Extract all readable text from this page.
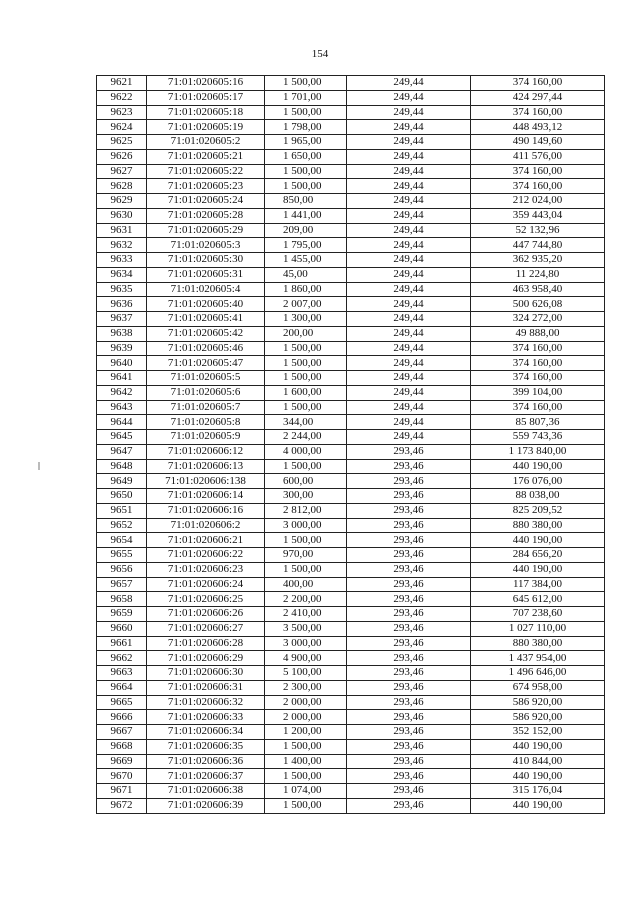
154
9621	71:01:020605:16	1 500,00	249,44	374 160,00
9622	71:01:020605:17	1 701,00	249,44	424 297,44
9623	71:01:020605:18	1 500,00	249,44	374 160,00
9624	71:01:020605:19	1 798,00	249,44	448 493,12
9625	71:01:020605:2	1 965,00	249,44	490 149,60
9626	71:01:020605:21	1 650,00	249,44	411 576,00
9627	71:01:020605:22	1 500,00	249,44	374 160,00
9628	71:01:020605:23	1 500,00	249,44	374 160,00
9629	71:01:020605:24	850,00	249,44	212 024,00
9630	71:01:020605:28	1 441,00	249,44	359 443,04
9631	71:01:020605:29	209,00	249,44	52 132,96
9632	71:01:020605:3	1 795,00	249,44	447 744,80
9633	71:01:020605:30	1 455,00	249,44	362 935,20
9634	71:01:020605:31	45,00	249,44	11 224,80
9635	71:01:020605:4	1 860,00	249,44	463 958,40
9636	71:01:020605:40	2 007,00	249,44	500 626,08
9637	71:01:020605:41	1 300,00	249,44	324 272,00
9638	71:01:020605:42	200,00	249,44	49 888,00
9639	71:01:020605:46	1 500,00	249,44	374 160,00
9640	71:01:020605:47	1 500,00	249,44	374 160,00
9641	71:01:020605:5	1 500,00	249,44	374 160,00
9642	71:01:020605:6	1 600,00	249,44	399 104,00
9643	71:01:020605:7	1 500,00	249,44	374 160,00
9644	71:01:020605:8	344,00	249,44	85 807,36
9645	71:01:020605:9	2 244,00	249,44	559 743,36
9647	71:01:020606:12	4 000,00	293,46	1 173 840,00
9648	71:01:020606:13	1 500,00	293,46	440 190,00
9649	71:01:020606:138	600,00	293,46	176 076,00
9650	71:01:020606:14	300,00	293,46	88 038,00
9651	71:01:020606:16	2 812,00	293,46	825 209,52
9652	71:01:020606:2	3 000,00	293,46	880 380,00
9654	71:01:020606:21	1 500,00	293,46	440 190,00
9655	71:01:020606:22	970,00	293,46	284 656,20
9656	71:01:020606:23	1 500,00	293,46	440 190,00
9657	71:01:020606:24	400,00	293,46	117 384,00
9658	71:01:020606:25	2 200,00	293,46	645 612,00
9659	71:01:020606:26	2 410,00	293,46	707 238,60
9660	71:01:020606:27	3 500,00	293,46	1 027 110,00
9661	71:01:020606:28	3 000,00	293,46	880 380,00
9662	71:01:020606:29	4 900,00	293,46	1 437 954,00
9663	71:01:020606:30	5 100,00	293,46	1 496 646,00
9664	71:01:020606:31	2 300,00	293,46	674 958,00
9665	71:01:020606:32	2 000,00	293,46	586 920,00
9666	71:01:020606:33	2 000,00	293,46	586 920,00
9667	71:01:020606:34	1 200,00	293,46	352 152,00
9668	71:01:020606:35	1 500,00	293,46	440 190,00
9669	71:01:020606:36	1 400,00	293,46	410 844,00
9670	71:01:020606:37	1 500,00	293,46	440 190,00
9671	71:01:020606:38	1 074,00	293,46	315 176,04
9672	71:01:020606:39	1 500,00	293,46	440 190,00
